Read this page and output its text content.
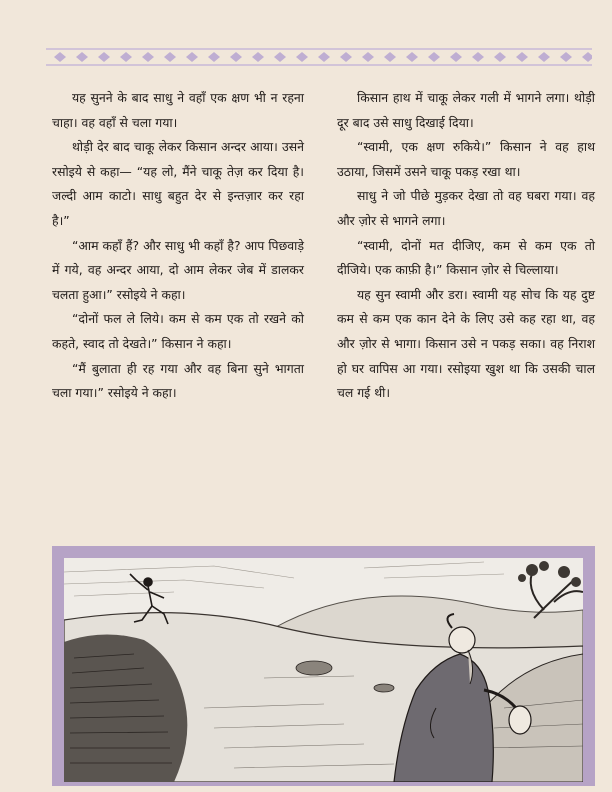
यह सुनने के बाद साधु ने वहाँ एक क्षण भी न रहना चाहा। वह वहाँ से चला गया।

थोड़ी देर बाद चाकू लेकर किसान अन्दर आया। उसने रसोइये से कहा— “यह लो, मैंने चाकू तेज़ कर दिया है। जल्दी आम काटो। साधु बहुत देर से इन्तज़ार कर रहा है।”

“आम कहाँ हैं? और साधु भी कहाँ है? आप पिछवाड़े में गये, वह अन्दर आया, दो आम लेकर जेब में डालकर चलता हुआ।” रसोइये ने कहा।

“दोनों फल ले लिये। कम से कम एक तो रखने को कहते, स्वाद तो देखते।” किसान ने कहा।

“मैं बुलाता ही रह गया और वह बिना सुने भागता चला गया।” रसोइये ने कहा।

किसान हाथ में चाकू लेकर गली में भागने लगा। थोड़ी दूर बाद उसे साधु दिखाई दिया।

“स्वामी, एक क्षण रुकिये।” किसान ने वह हाथ उठाया, जिसमें उसने चाकू पकड़ रखा था।

साधु ने जो पीछे मुड़कर देखा तो वह घबरा गया। वह और ज़ोर से भागने लगा।

“स्वामी, दोनों मत दीजिए, कम से कम एक तो दीजिये। एक काफ़ी है।” किसान ज़ोर से चिल्लाया।

यह सुन स्वामी और डरा। स्वामी यह सोच कि यह दुष्ट कम से कम एक कान देने के लिए उसे कह रहा था, वह और ज़ोर से भागा। किसान उसे न पकड़ सका। वह निराश हो घर वापिस आ गया। रसोइया खुश था कि उसकी चाल चल गई थी।
